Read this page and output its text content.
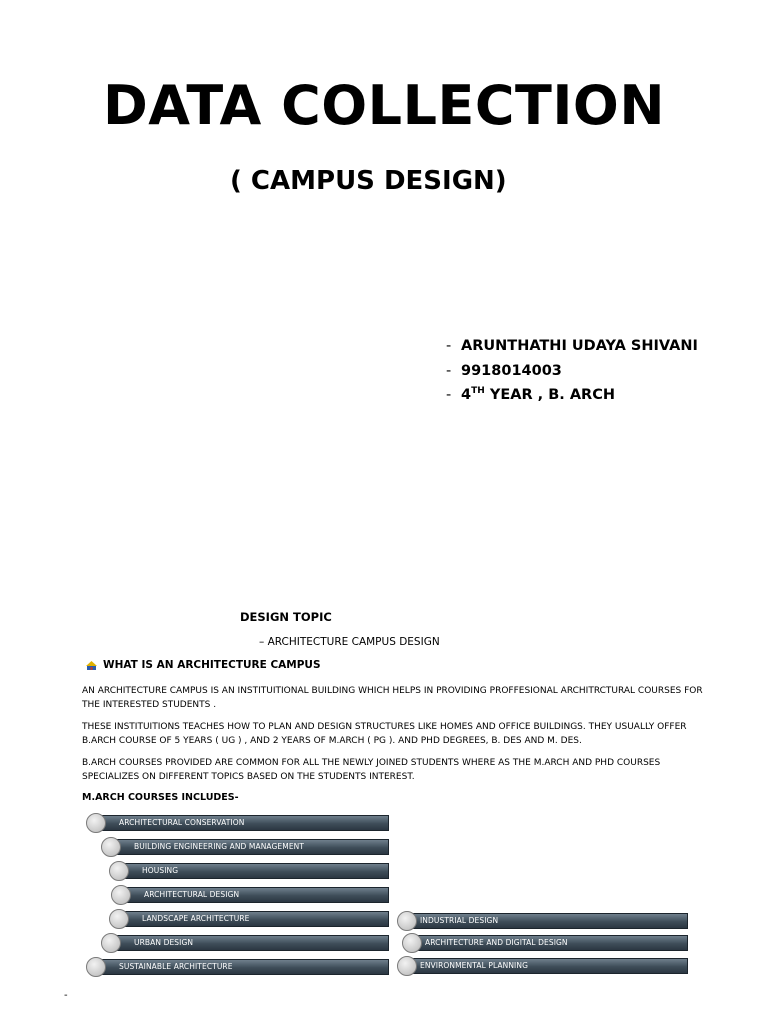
DATA COLLECTION
( CAMPUS DESIGN)
- ARUNTHATHI UDAYA SHIVANI
- 9918014003
- 4TH YEAR , B. ARCH
DESIGN TOPIC
– ARCHITECTURE CAMPUS DESIGN
WHAT IS AN ARCHITECTURE CAMPUS
AN ARCHITECTURE CAMPUS IS AN INSTITUITIONAL BUILDING WHICH HELPS IN PROVIDING PROFFESIONAL ARCHITRCTURAL COURSES FOR THE INTERESTED STUDENTS .
THESE INSTITUITIONS TEACHES HOW TO PLAN AND DESIGN STRUCTURES LIKE HOMES AND OFFICE BUILDINGS. THEY USUALLY OFFER B.ARCH COURSE OF 5 YEARS ( UG ) , AND 2 YEARS OF M.ARCH ( PG ). AND PHD DEGREES, B. DES AND M. DES.
B.ARCH COURSES PROVIDED ARE COMMON FOR ALL THE NEWLY JOINED STUDENTS WHERE AS THE M.ARCH AND PHD COURSES SPECIALIZES ON DIFFERENT TOPICS BASED ON THE STUDENTS INTEREST.
M.ARCH COURSES INCLUDES-
ARCHITECTURAL CONSERVATION
BUILDING ENGINEERING AND MANAGEMENT
HOUSING
ARCHITECTURAL DESIGN
LANDSCAPE ARCHITECTURE
URBAN DESIGN
SUSTAINABLE ARCHITECTURE
INDUSTRIAL DESIGN
ARCHITECTURE AND DIGITAL DESIGN
ENVIRONMENTAL PLANNING
-
